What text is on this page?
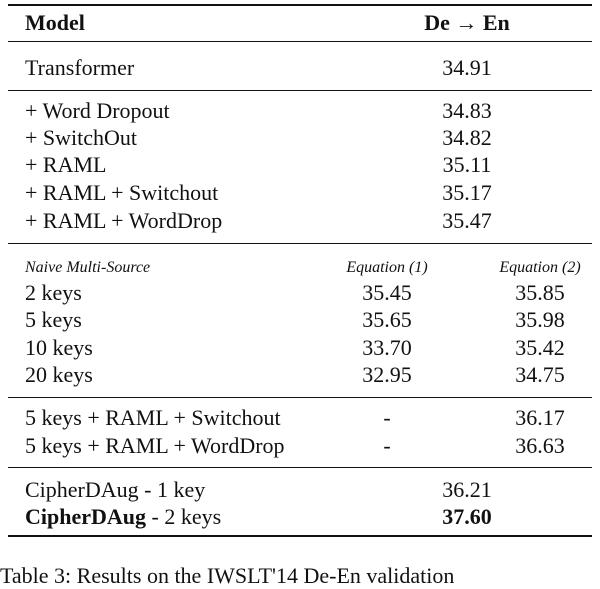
Model	De → En
Transformer	34.91
+ Word Dropout	34.83
+ SwitchOut	34.82
+ RAML	35.11
+ RAML + Switchout	35.17
+ RAML + WordDrop	35.47
Naive Multi-Source	Equation (1)	Equation (2)
2 keys	35.45	35.85
5 keys	35.65	35.98
10 keys	33.70	35.42
20 keys	32.95	34.75
5 keys + RAML + Switchout	-	36.17
5 keys + RAML + WordDrop	-	36.63
CipherDAug - 1 key	36.21
CipherDAug - 2 keys	37.60
Table 3: Results on the IWSLT'14 De-En validation
